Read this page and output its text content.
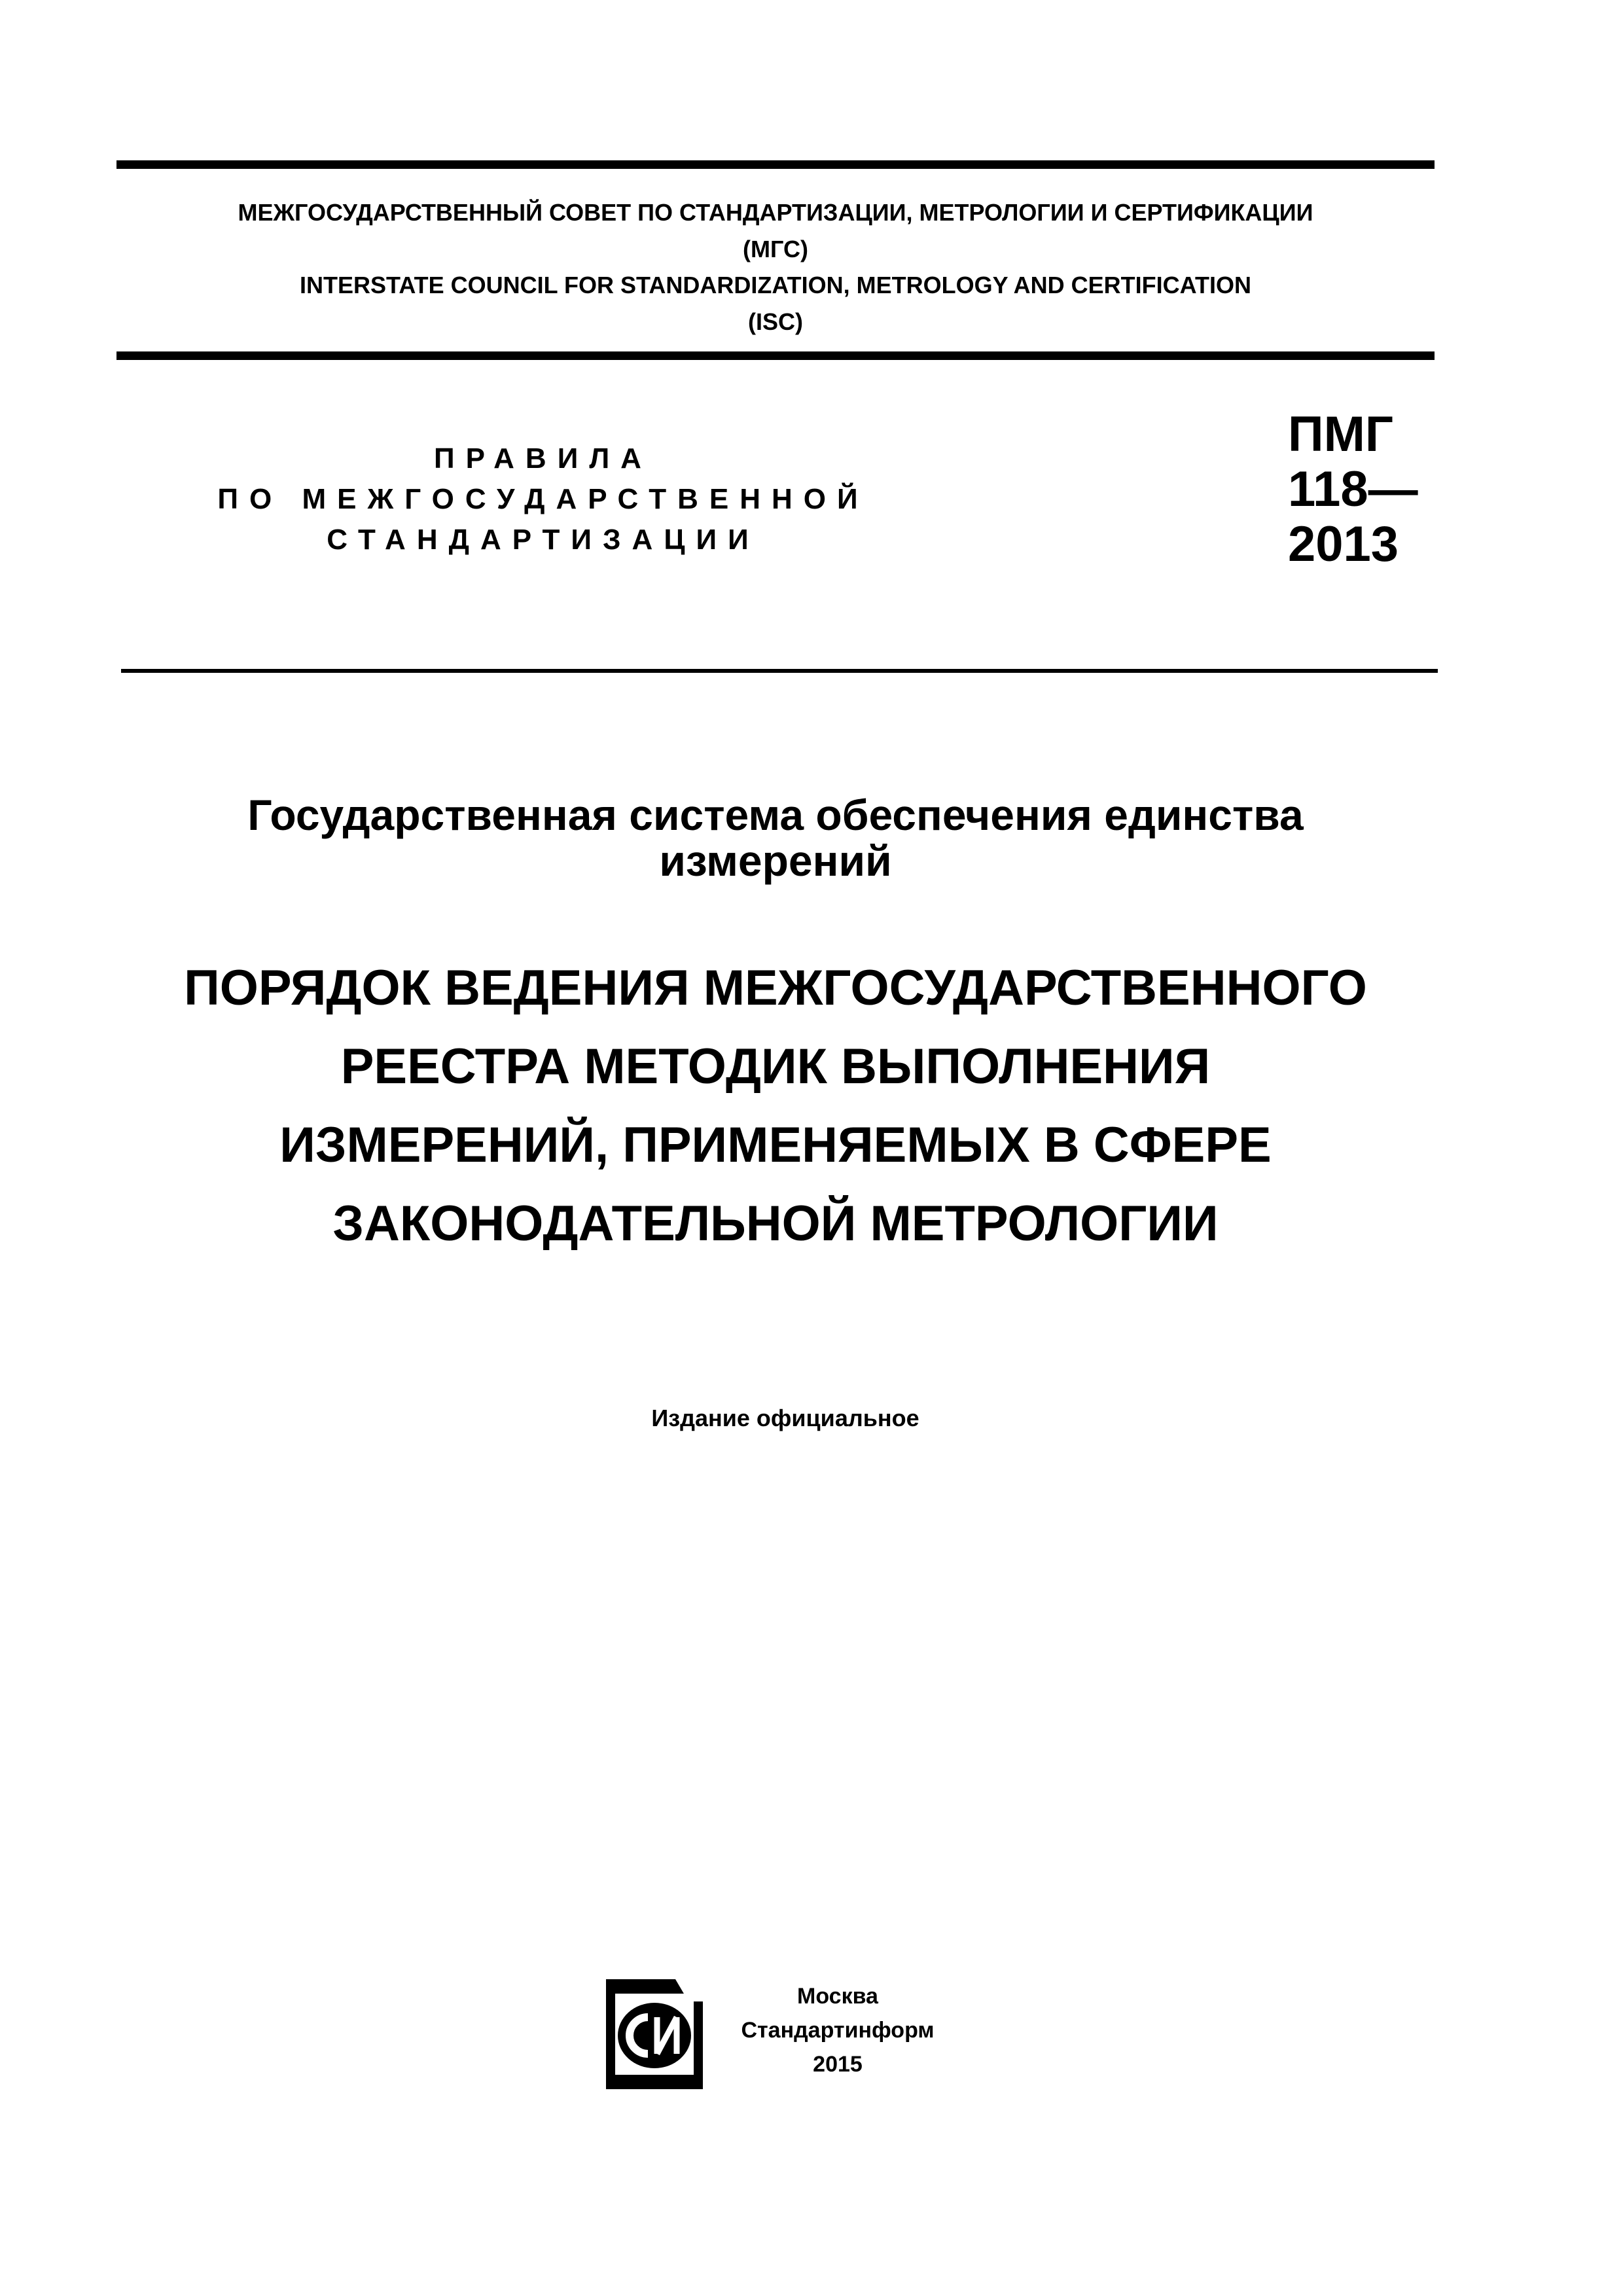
МЕЖГОСУДАРСТВЕННЫЙ СОВЕТ ПО СТАНДАРТИЗАЦИИ, МЕТРОЛОГИИ И СЕРТИФИКАЦИИ
(МГС)
INTERSTATE COUNCIL FOR STANDARDIZATION, METROLOGY AND CERTIFICATION
(ISC)
ПРАВИЛА
ПО МЕЖГОСУДАРСТВЕННОЙ
СТАНДАРТИЗАЦИИ
ПМГ
118—
2013
Государственная система обеспечения единства
измерений
ПОРЯДОК ВЕДЕНИЯ МЕЖГОСУДАРСТВЕННОГО
РЕЕСТРА МЕТОДИК ВЫПОЛНЕНИЯ
ИЗМЕРЕНИЙ, ПРИМЕНЯЕМЫХ В СФЕРЕ
ЗАКОНОДАТЕЛЬНОЙ МЕТРОЛОГИИ
Издание официальное
Москва
Стандартинформ
2015
